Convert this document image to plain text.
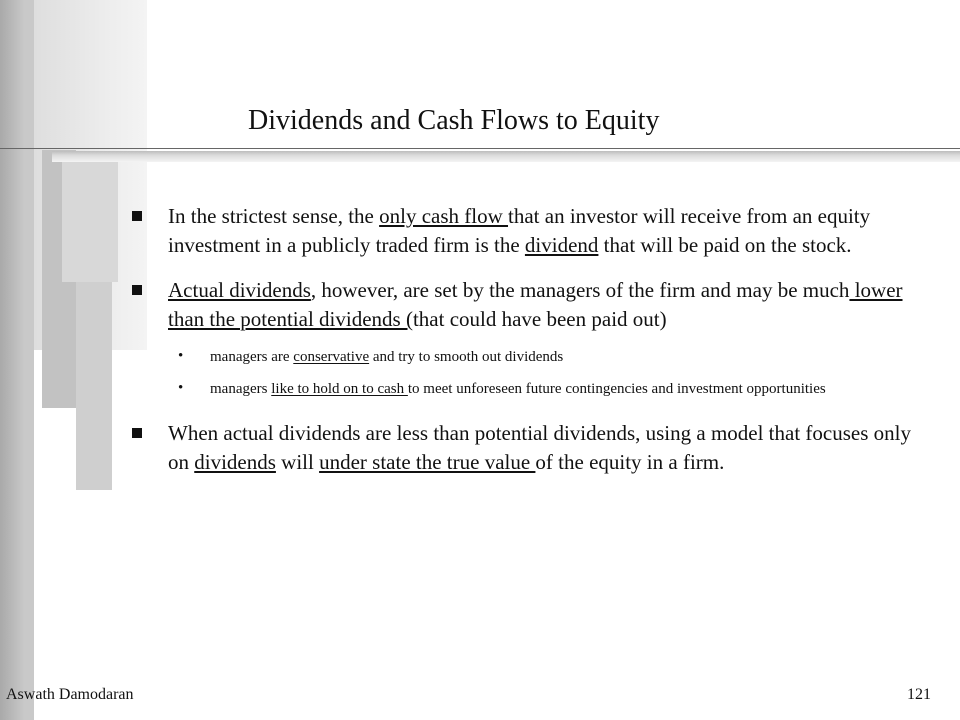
Dividends and Cash Flows to Equity
In the strictest sense, the only cash flow that an investor will receive from an equity investment in a publicly traded firm is the dividend that will be paid on the stock.
Actual dividends, however, are set by the managers of the firm and may be much lower than the potential dividends (that could have been paid out)
• managers are conservative and try to smooth out dividends
• managers like to hold on to cash to meet unforeseen future contingencies and investment opportunities
When actual dividends are less than potential dividends, using a model that focuses only on dividends will under state the true value of the equity in a firm.
Aswath Damodaran	121
